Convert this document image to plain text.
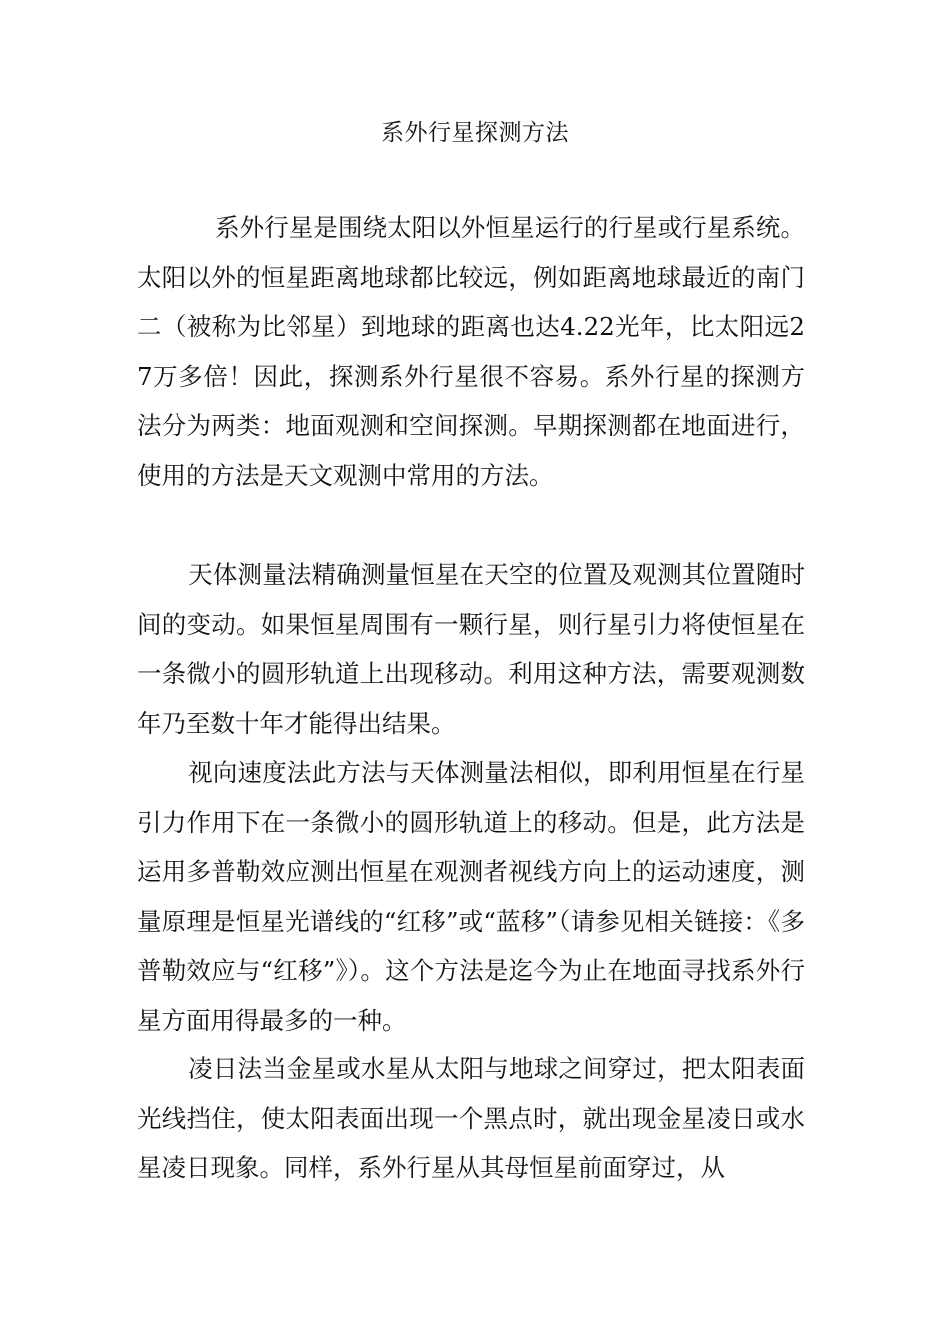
系外行星探测方法

系外行星是围绕太阳以外恒星运行的行星或行星系统。太阳以外的恒星距离地球都比较远，例如距离地球最近的南门二（被称为比邻星）到地球的距离也达4.22光年，比太阳远27万多倍！因此，探测系外行星很不容易。系外行星的探测方法分为两类：地面观测和空间探测。早期探测都在地面进行，使用的方法是天文观测中常用的方法。

天体测量法精确测量恒星在天空的位置及观测其位置随时间的变动。如果恒星周围有一颗行星，则行星引力将使恒星在一条微小的圆形轨道上出现移动。利用这种方法，需要观测数年乃至数十年才能得出结果。

视向速度法此方法与天体测量法相似，即利用恒星在行星引力作用下在一条微小的圆形轨道上的移动。但是，此方法是运用多普勒效应测出恒星在观测者视线方向上的运动速度，测量原理是恒星光谱线的“红移”或“蓝移”（请参见相关链接：《多普勒效应与“红移”》）。这个方法是迄今为止在地面寻找系外行星方面用得最多的一种。

凌日法当金星或水星从太阳与地球之间穿过，把太阳表面光线挡住，使太阳表面出现一个黑点时，就出现金星凌日或水星凌日现象。同样，系外行星从其母恒星前面穿过，从
